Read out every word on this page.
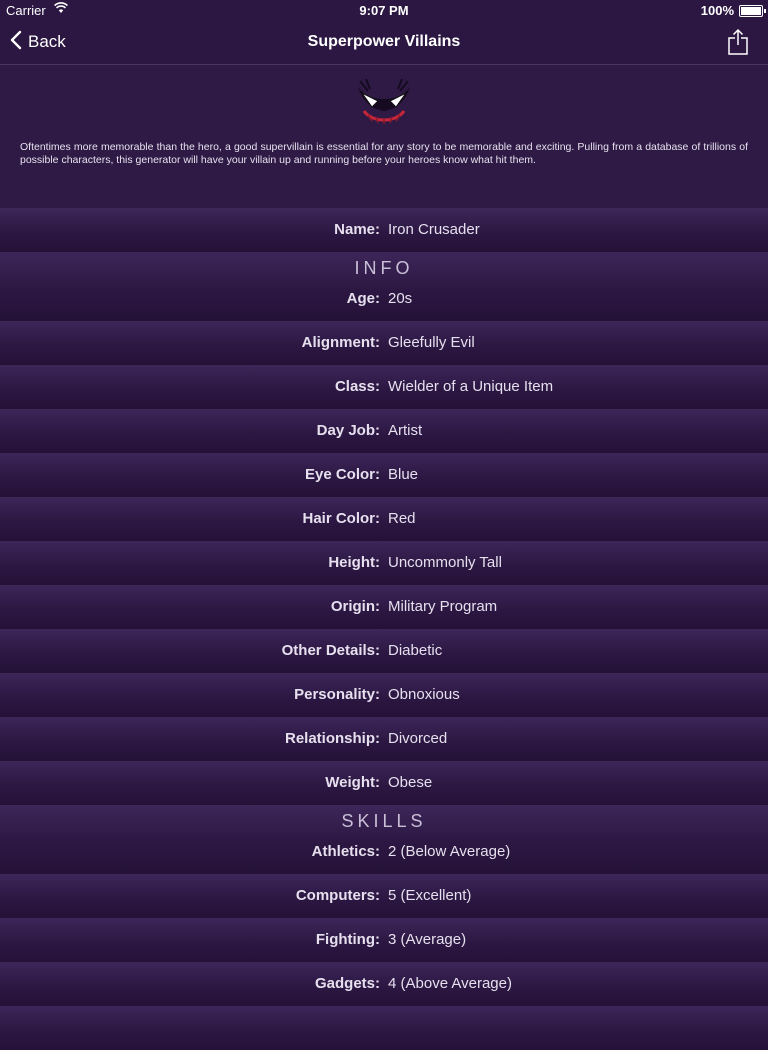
Carrier	9:07 PM	100%
Back	Superpower Villains
Oftentimes more memorable than the hero, a good supervillain is essential for any story to be memorable and exciting. Pulling from a database of trillions of possible characters, this generator will have your villain up and running before your heroes know what hit them.
Name: Iron Crusader
INFO
Age: 20s
Alignment: Gleefully Evil
Class: Wielder of a Unique Item
Day Job: Artist
Eye Color: Blue
Hair Color: Red
Height: Uncommonly Tall
Origin: Military Program
Other Details: Diabetic
Personality: Obnoxious
Relationship: Divorced
Weight: Obese
SKILLS
Athletics: 2 (Below Average)
Computers: 5 (Excellent)
Fighting: 3 (Average)
Gadgets: 4 (Above Average)
